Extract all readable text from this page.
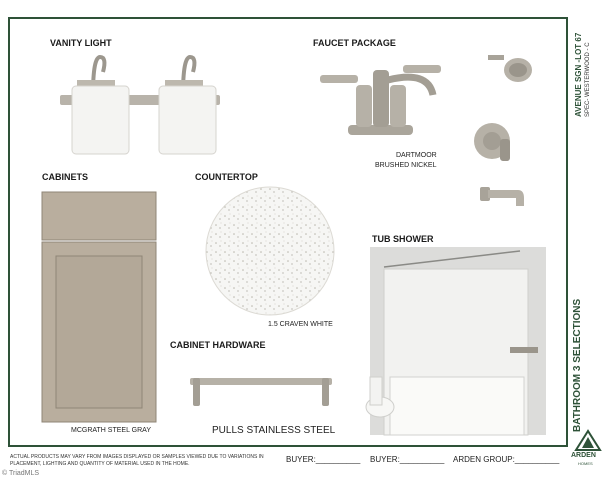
AVENUE SGN -LOT 67 SPEC- WESTERWOOD - C
BATHROOM 3 SELECTIONS
ARDEN
HOMES
VANITY LIGHT	FAUCET PACKAGE
DARTMOOR
BRUSHED NICKEL
CABINETS
MCGRATH STEEL GRAY
COUNTERTOP
1.5 CRAVEN WHITE
CABINET HARDWARE
PULLS STAINLESS STEEL
TUB SHOWER
ACTUAL PRODUCTS MAY VARY FROM IMAGES DISPLAYED OR SAMPLES VIEWED DUE TO VARIATIONS IN PLACEMENT, LIGHTING AND QUANTITY OF MATERIAL USED IN THE HOME.	BUYER:__________ BUYER:__________ ARDEN GROUP:__________
© TriadMLS
